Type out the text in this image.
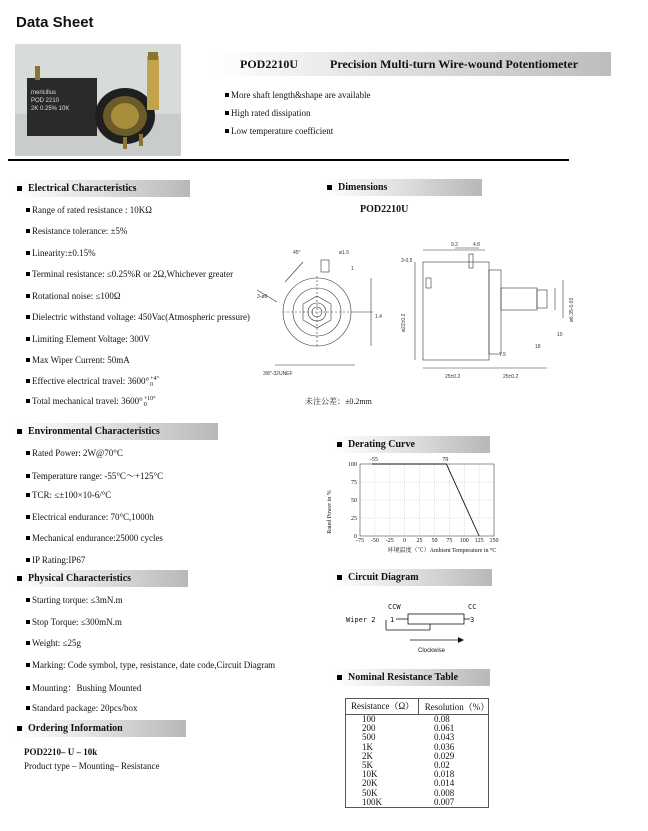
Data Sheet
mericillus
POD 2210
2K 0.25% 10K
POD2210U	Precision Multi-turn Wire-wound Potentiometer
More shaft length&shape are available
High rated dissipation
Low temperature coefficient
Electrical Characteristics
Range of rated resistance : 10KΩ
Resistance tolerance: ±5%
Linearity:±0.15%
Terminal resistance: ≤0.25%R or 2Ω,Whichever greater
Rotational noise: ≤100Ω
Dielectric withstand voltage: 450Vac(Atmospheric pressure)
Limiting Element Voltage: 300V
Max Wiper Current: 50mA
Effective electrical travel: 3600° +4°
0
Total mechanical travel: 3600° +10°
0
Environmental Characteristics
Rated Power: 2W@70°C
Temperature range: -55°C～+125°C
TCR: ≤±100×10-6/°C
Electrical endurance: 70°C,1000h
Mechanical endurance:25000 cycles
IP Rating:IP67
Physical Characteristics
Starting torque: ≤3mN.m
Stop Torque: ≤300mN.m
Weight: ≤25g
Marking: Code symbol, type, resistance, date code,Circuit Diagram
Mounting：Bushing Mounted
Standard package: 20pcs/box
Ordering Information
POD2210– U – 10k
Product type – Mounting– Resistance
Dimensions
POD2210U
45°	ø1.5
1
3-ø9
1.4
3/8"-32UNEF
3-0.5
9.2	4.8
7.5
18
10
25±0.2	25±0.2
ø22±0.2
ø6.35-0.03
未注公差：±0.2mm
Derating Curve
Rated Power in %
-75 -50 -25 0 25 50 75 100 125 150
0
25
50
75
100
-55	70
环境温度（℃）Ambient Temperature in °C
Circuit Diagram
CCW	CC
Wiper 2 1	3
Clockwise
Nominal Resistance Table
Resistance（Ω）	Resolution（%）
100	0.08
200	0.061
500	0.043
1K	0.036
2K	0.029
5K	0.02
10K	0.018
20K	0.014
50K	0.008
100K	0.007
